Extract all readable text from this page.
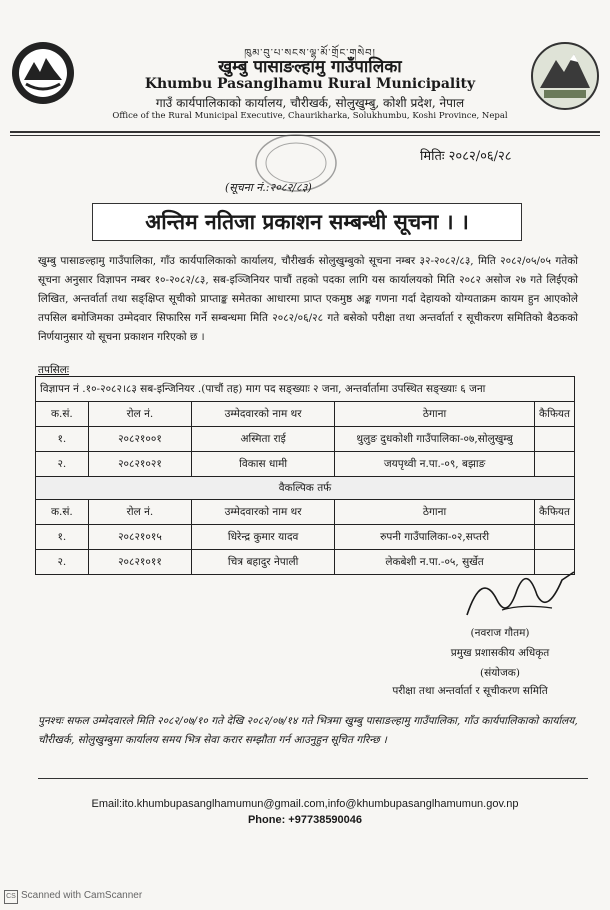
ཁུམ་བུ་པ་སངས་ལྷ་མོ་གྲོང་གསེབ།
खुम्बु पासाङल्हामु गाउँपालिका
Khumbu Pasanglhamu Rural Municipality
गाउँ कार्यपालिकाको कार्यालय, चौरीखर्क, सोलुखुम्बु, कोशी प्रदेश, नेपाल
Office of the Rural Municipal Executive, Chaurikharka, Solukhumbu, Koshi Province, Nepal
मितिः २०८२/०६/२८
(सूचना नं.:२०८२/८३)
अन्तिम नतिजा प्रकाशन सम्बन्धी सूचना । ।
खुम्बु पासाङल्हामु गाउँपालिका, गाँउ कार्यपालिकाको कार्यालय, चौरीखर्क सोलुखुम्बुको सूचना नम्बर ३२-२०८२/८३, मिति २०८२/०५/०५ गतेको सूचना अनुसार विज्ञापन नम्बर १०-२०८२/८३, सब-इञ्जिनियर पाचौं तहको पदका लागि यस कार्यालयको मिति २०८२ असोज २७ गते लिईएको लिखित, अन्तर्वार्ता तथा सङ्क्षिप्त सूचीको प्राप्ताङ्क समेतका आधारमा प्राप्त एकमुष्ठ अङ्क गणना गर्दा देहायको योग्यताक्रम कायम हुन आएकोले तपसिल बमोजिमका उम्मेदवार सिफारिस गर्ने सम्बन्धमा मिति २०८२/०६/२८ गते बसेको परीक्षा तथा अन्तर्वार्ता र सूचीकरण समितिको बैठकको निर्णयानुसार यो सूचना प्रकाशन गरिएको छ ।
तपसिलः
विज्ञापन नं .१०-२०८२।८३ सब-इन्जिनियर .(पाचौं तह) माग पद सङ्ख्याः २ जना, अन्तर्वार्तामा उपस्थित सङ्ख्याः ६ जना				
क.सं.	रोल नं.	उम्मेदवारको नाम थर	ठेगाना	कैफियत
१.	२०८२१००१	अस्मिता राई	थुलुङ दुधकोशी गाउँपालिका-०७,सोलुखुम्बु	
२.	२०८२१०२१	विकास धामी	जयपृथ्वी न.पा.-०९, बझाङ	
वैकल्पिक तर्फ				
क.सं.	रोल नं.	उम्मेदवारको नाम थर	ठेगाना	कैफियत
१.	२०८२१०१५	धिरेन्द्र कुमार यादव	रुपनी गाउँपालिका-०२,सप्तरी	
२.	२०८२१०११	चित्र बहादुर नेपाली	लेकबेशी न.पा.-०५, सुर्खेत	
(नवराज गौतम)
प्रमुख प्रशासकीय अधिकृत
(संयोजक)
परीक्षा तथा अन्तर्वार्ता र सूचीकरण समिति
पुनश्चः सफल उम्मेदवारले मिति २०८२/०७/१० गते देखि २०८२/०७/१४ गते भित्रमा खुम्बु पासाङल्हामु गाउँपालिका, गाँउ कार्यपालिकाको कार्यालय, चौरीखर्क, सोलुखुम्बुमा कार्यालय समय भित्र सेवा करार सम्झौता गर्न आउनुहुन सूचित गरिन्छ ।
Email:ito.khumbupasanglhamumun@gmail.com,info@khumbupasanglhamumun.gov.np
Phone: +97738590046
CS Scanned with CamScanner
